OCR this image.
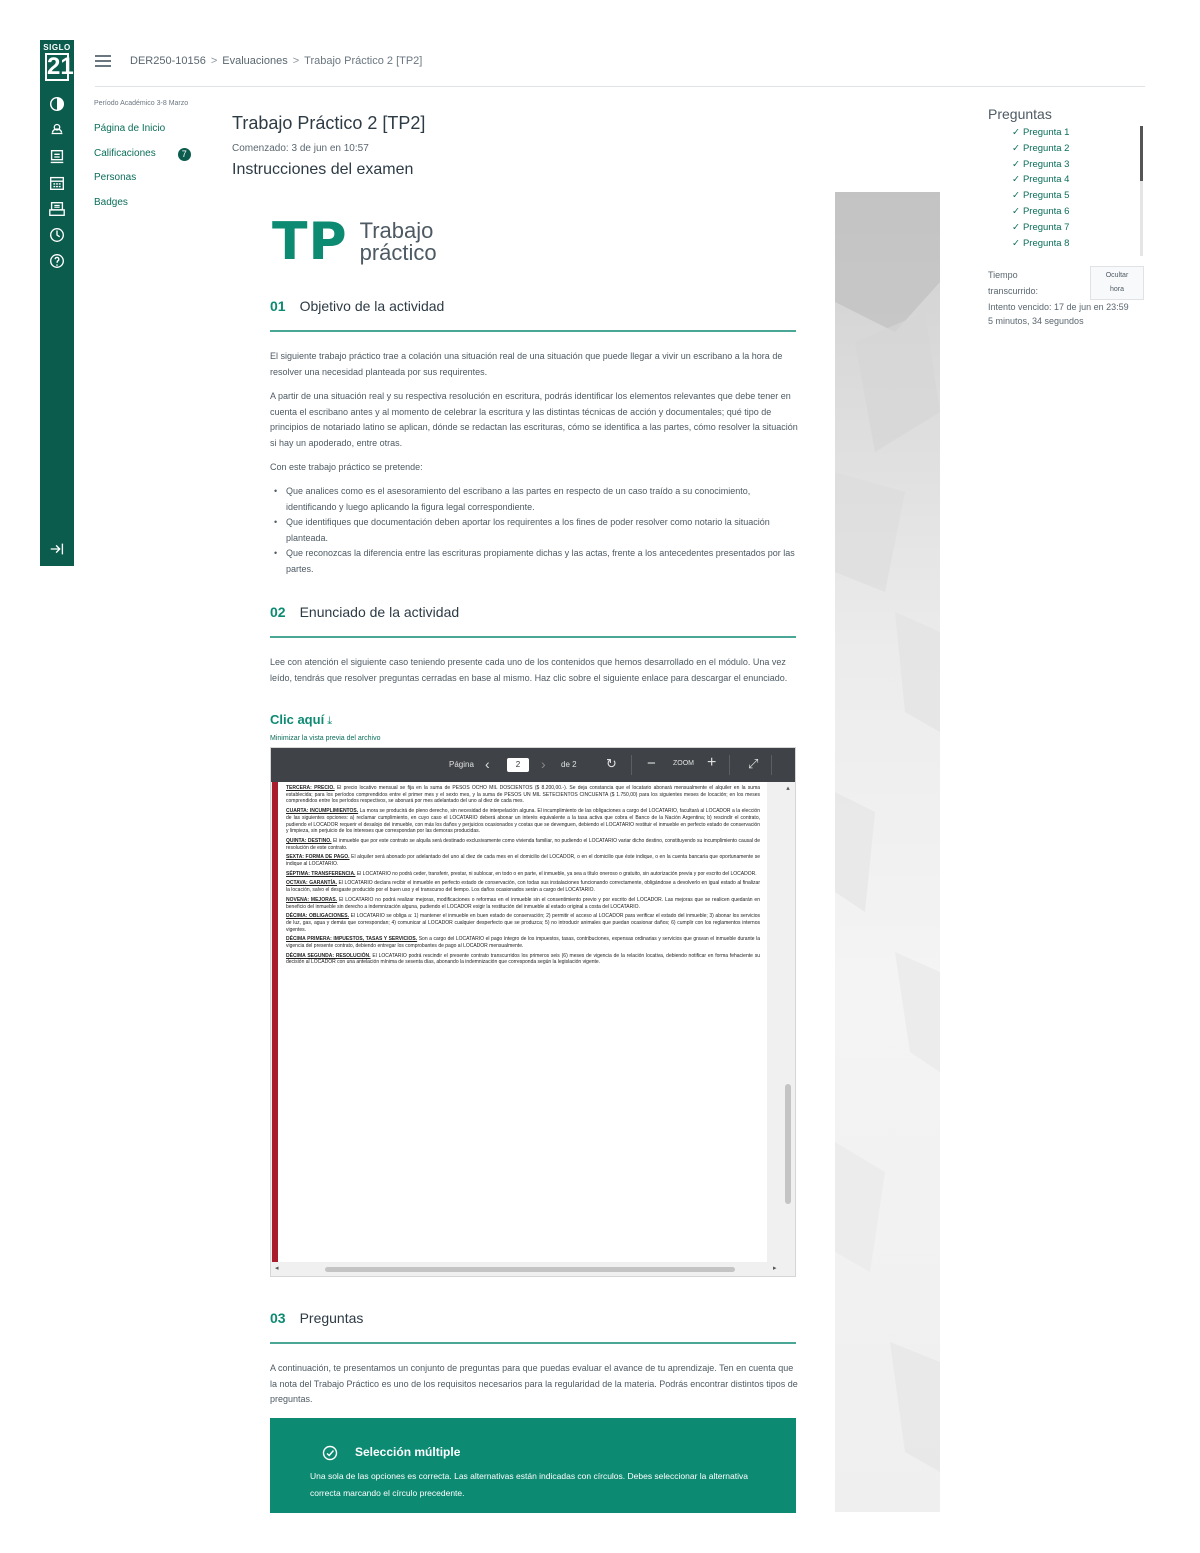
SIGLO
21	DER250-10156 > Evaluaciones > Trabajo Práctico 2 [TP2]
Período Académico 3-8 Marzo
Página de Inicio
Calificaciones	7
Personas
Badges
Trabajo Práctico 2 [TP2]
Comenzado: 3 de jun en 10:57
Instrucciones del examen
TP Trabajo
práctico
01 Objetivo de la actividad

El siguiente trabajo práctico trae a colación una situación real de una situación que puede llegar a vivir un escribano a la hora de resolver una necesidad planteada por sus requirentes.

A partir de una situación real y su respectiva resolución en escritura, podrás identificar los elementos relevantes que debe tener en cuenta el escribano antes y al momento de celebrar la escritura y las distintas técnicas de acción y documentales; qué tipo de principios de notariado latino se aplican, dónde se redactan las escrituras, cómo se identifica a las partes, cómo resolver la situación si hay un apoderado, entre otras.

Con este trabajo práctico se pretende:

• Que analices como es el asesoramiento del escribano a las partes en respecto de un caso traído a su conocimiento, identificando y luego aplicando la figura legal correspondiente.
• Que identifiques que documentación deben aportar los requirentes a los fines de poder resolver como notario la situación planteada.
• Que reconozcas la diferencia entre las escrituras propiamente dichas y las actas, frente a los antecedentes presentados por las partes.
02 Enunciado de la actividad

Lee con atención el siguiente caso teniendo presente cada uno de los contenidos que hemos desarrollado en el módulo. Una vez leído, tendrás que resolver preguntas cerradas en base al mismo. Haz clic sobre el siguiente enlace para descargar el enunciado.

Clic aquí ⤓
Minimizar la vista previa del archivo
Página ‹	2	› de 2 ↻ − ZOOM + ⤢

TERCERA: PRECIO. El precio locativo mensual se fija en la suma de PESOS OCHO MIL DOSCIENTOS ($ 8.200,00.-). Se deja constancia que el locatario abonará mensualmente el alquiler en la suma establecida; para los períodos comprendidos entre el primer mes y el sexto mes, y la suma de PESOS UN MIL SETECIENTOS CINCUENTA ($ 1.750,00) para los siguientes meses de locación; en los meses comprendidos entre los períodos respectivos, se abonará por mes adelantado del uno al diez de cada mes.

CUARTA: INCUMPLIMIENTOS. La mora se producirá de pleno derecho, sin necesidad de interpelación alguna. El incumplimiento de las obligaciones a cargo del LOCATARIO, facultará al LOCADOR a la elección de las siguientes opciones: a) reclamar cumplimiento, en cuyo caso el LOCATARIO deberá abonar un interés equivalente a la tasa activa que cobra el Banco de la Nación Argentina; b) rescindir el contrato, pudiendo el LOCADOR requerir el desalojo del inmueble, con más los daños y perjuicios ocasionados y costas que se devenguen, debiendo el LOCATARIO restituir el inmueble en perfecto estado de conservación y limpieza, sin perjuicio de los intereses que correspondan por las demoras producidas.

QUINTA: DESTINO. El inmueble que por este contrato se alquila será destinado exclusivamente como vivienda familiar, no pudiendo el LOCATARIO variar dicho destino, constituyendo su incumplimiento causal de resolución de este contrato.

SEXTA: FORMA DE PAGO. El alquiler será abonado por adelantado del uno al diez de cada mes en el domicilio del LOCADOR, o en el domicilio que éste indique, o en la cuenta bancaria que oportunamente se indique al LOCATARIO.

SÉPTIMA: TRANSFERENCIA. El LOCATARIO no podrá ceder, transferir, prestar, ni sublocar, en todo o en parte, el inmueble, ya sea a título oneroso o gratuito, sin autorización previa y por escrito del LOCADOR.

OCTAVA: GARANTÍA. El LOCATARIO declara recibir el inmueble en perfecto estado de conservación, con todas sus instalaciones funcionando correctamente, obligándose a devolverlo en igual estado al finalizar la locación, salvo el desgaste producido por el buen uso y el transcurso del tiempo. Los daños ocasionados serán a cargo del LOCATARIO.

NOVENA: MEJORAS. El LOCATARIO no podrá realizar mejoras, modificaciones o reformas en el inmueble sin el consentimiento previo y por escrito del LOCADOR. Las mejoras que se realicen quedarán en beneficio del inmueble sin derecho a indemnización alguna, pudiendo el LOCADOR exigir la restitución del inmueble al estado original a costa del LOCATARIO.

DÉCIMA: OBLIGACIONES. El LOCATARIO se obliga a: 1) mantener el inmueble en buen estado de conservación; 2) permitir el acceso al LOCADOR para verificar el estado del inmueble; 3) abonar los servicios de luz, gas, agua y demás que correspondan; 4) comunicar al LOCADOR cualquier desperfecto que se produzca; 5) no introducir animales que puedan ocasionar daños; 6) cumplir con los reglamentos internos vigentes.

DÉCIMA PRIMERA: IMPUESTOS, TASAS Y SERVICIOS. Son a cargo del LOCATARIO el pago íntegro de los impuestos, tasas, contribuciones, expensas ordinarias y servicios que gravan el inmueble durante la vigencia del presente contrato, debiendo entregar los comprobantes de pago al LOCADOR mensualmente.

DÉCIMA SEGUNDA: RESOLUCIÓN. El LOCATARIO podrá rescindir el presente contrato transcurridos los primeros seis (6) meses de vigencia de la relación locativa, debiendo notificar en forma fehaciente su decisión al LOCADOR con una antelación mínima de sesenta días, abonando la indemnización que corresponda según la legislación vigente.

▴
◂	▸
03 Preguntas

A continuación, te presentamos un conjunto de preguntas para que puedas evaluar el avance de tu aprendizaje. Ten en cuenta que la nota del Trabajo Práctico es uno de los requisitos necesarios para la regularidad de la materia. Podrás encontrar distintos tipos de preguntas.

Selección múltiple
Una sola de las opciones es correcta. Las alternativas están indicadas con círculos. Debes seleccionar la alternativa correcta marcando el círculo precedente.
Preguntas
✓ Pregunta 1
✓ Pregunta 2
✓ Pregunta 3
✓ Pregunta 4
✓ Pregunta 5
✓ Pregunta 6
✓ Pregunta 7
✓ Pregunta 8
Tiempo
transcurrido:
Ocultar
hora
Intento vencido: 17 de jun en 23:59
5 minutos, 34 segundos
